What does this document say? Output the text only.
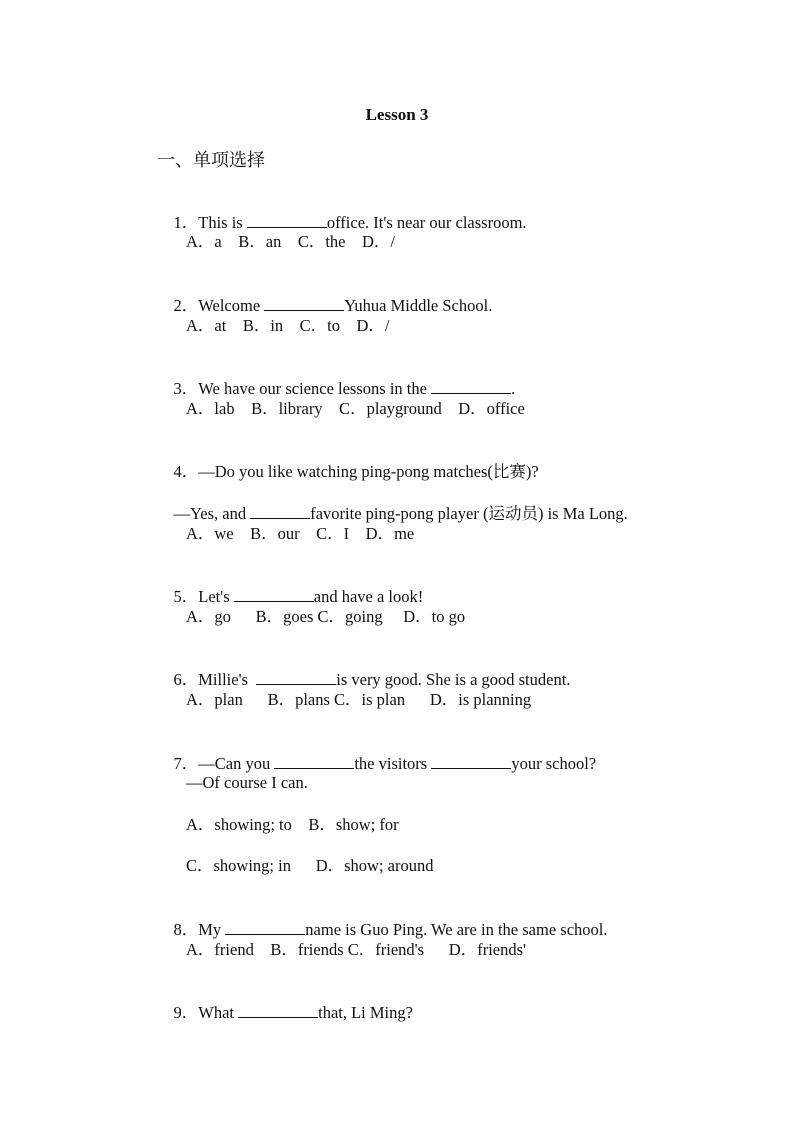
Lesson 3
一、单项选择

1．This is	office. It's near our classroom.

A．a    B．an    C．the    D．/

2．Welcome	Yuhua Middle School.

A．at    B．in    C．to    D．/

3．We have our science lessons in the	.

A．lab    B．library    C．playground    D．office

4．—Do you like watching ping-pong matches(比赛)?

—Yes, and	favorite ping-pong player (运动员) is Ma Long.

A．we    B．our    C．I    D．me

5．Let's	and have a look!

A．go      B．goes C．going     D．to go

6．Millie's	is very good. She is a good student.

A．plan      B．plans C．is plan      D．is planning

7．—Can you	the visitors	your school?

—Of course I can.
A．showing; to    B．show; for
C．showing; in      D．show; around

8．My	name is Guo Ping. We are in the same school.

A．friend    B．friends C．friend's      D．friends'

9．What	that, Li Ming?
